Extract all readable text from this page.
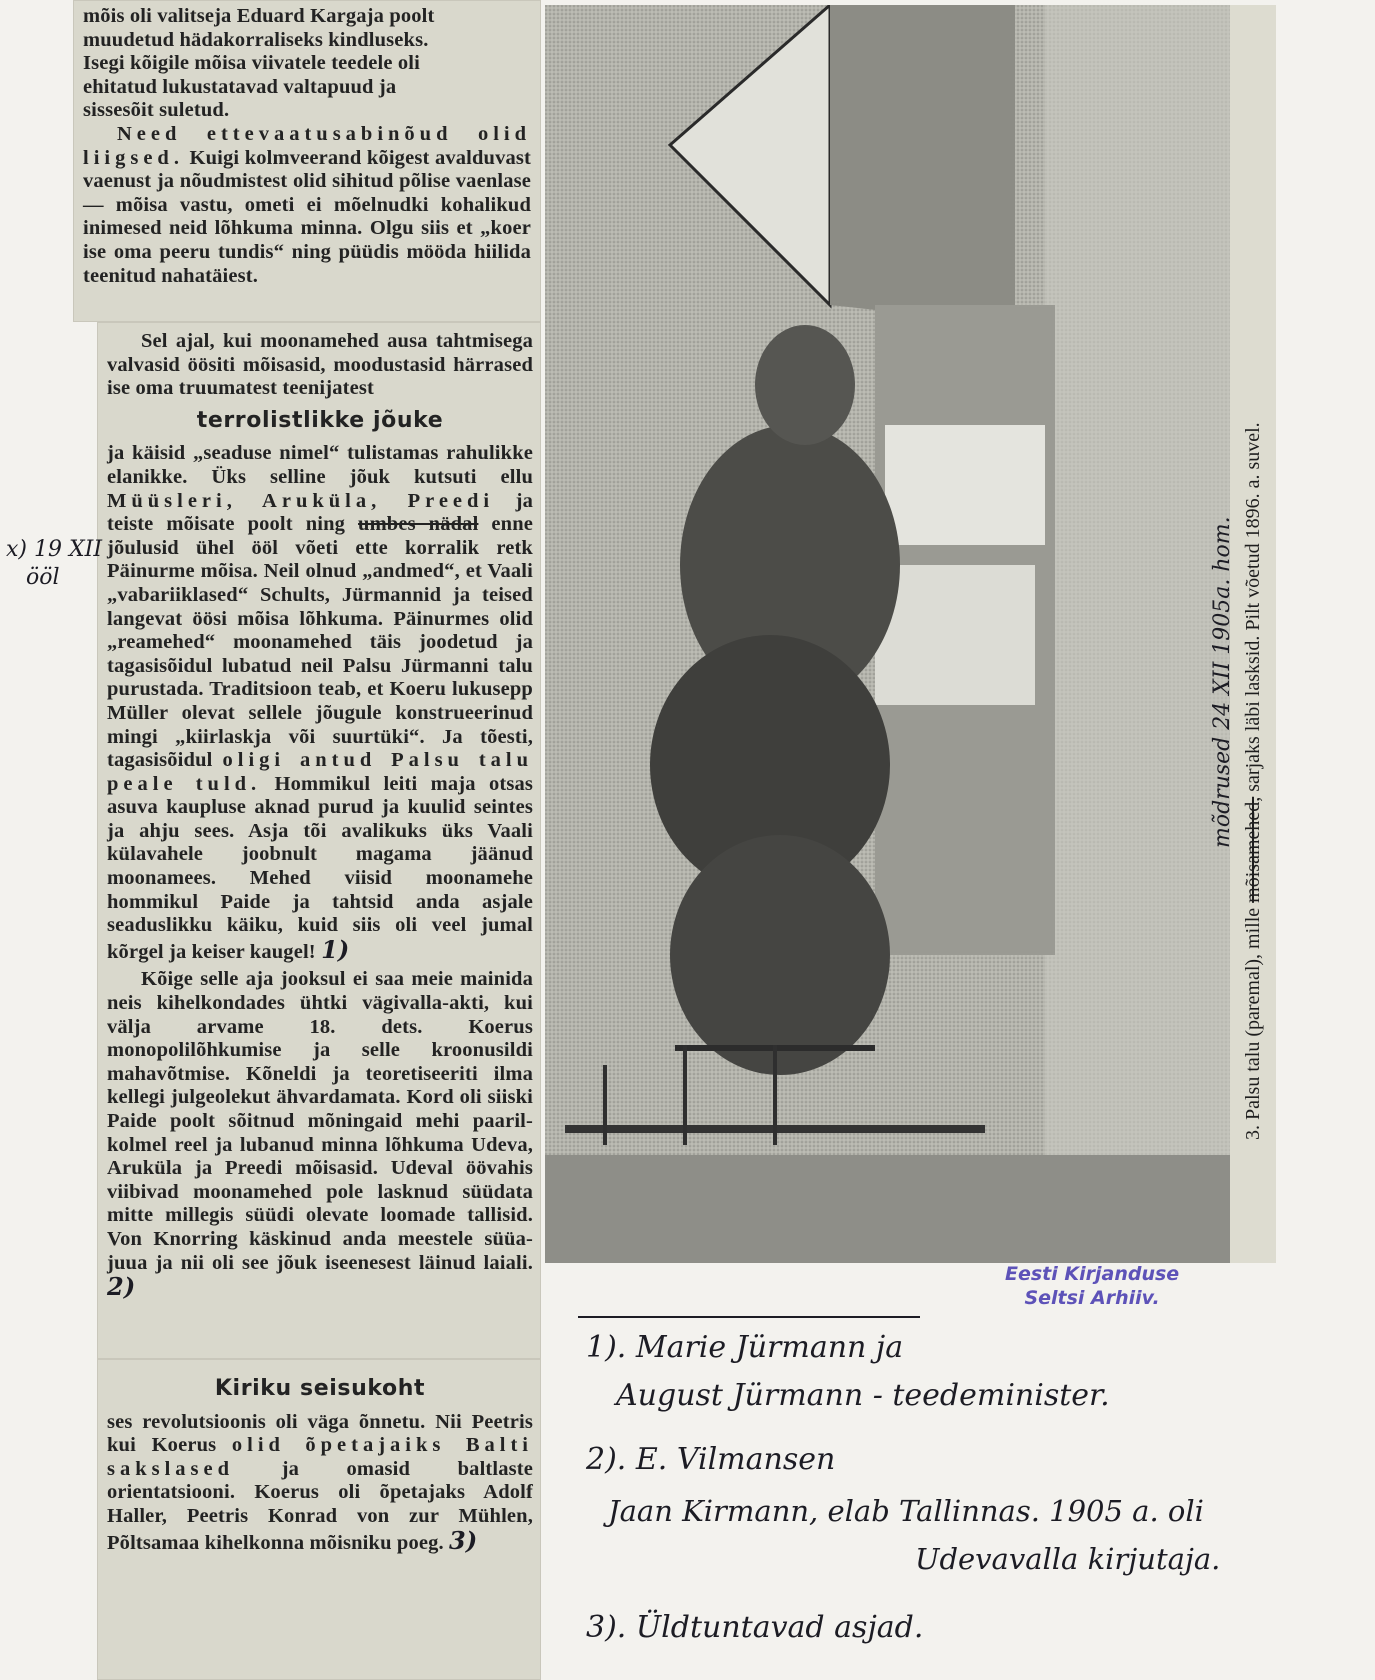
mõis oli valitseja Eduard Kargaja poolt

muudetud hädakorraliseks kindluseks.

Isegi kõigile mõisa viivatele teedele oli

ehitatud lukustatavad valtapuud ja

sissesõit suletud.

Need ettevaatusabinõud olid liigsed. Kuigi kolmveerand kõigest avalduvast vaenust ja nõudmistest olid sihitud põlise vaenlase — mõisa vastu, ometi ei mõelnudki kohalikud inimesed neid lõhkuma minna. Olgu siis et „koer ise oma peeru tundis“ ning püüdis mööda hiilida teenitud nahatäiest.

Sel ajal, kui moonamehed ausa tahtmisega valvasid öösiti mõisasid, moodustasid härrased ise oma truumatest teenijatest

terrolistlikke jõuke

ja käisid „seaduse nimel“ tulistamas rahulikke elanikke. Üks selline jõuk kutsuti ellu Müüsleri, Aruküla, Preedi ja teiste mõisate poolt ning umbes nädal enne jõulusid ühel ööl võeti ette korralik retk Päinurme mõisa. Neil olnud „andmed“, et Vaali „vabariiklased“ Schults, Jürmannid ja teised langevat öösi mõisa lõhkuma. Päinurmes olid „reamehed“ moonamehed täis joodetud ja tagasisõidul lubatud neil Palsu Jürmanni talu purustada. Traditsioon teab, et Koeru lukusepp Müller olevat sellele jõugule konstrueerinud mingi „kiirlaskja või suurtüki“. Ja tõesti, tagasisõidul oligi antud Palsu talu peale tuld. Hommikul leiti maja otsas asuva kaupluse aknad purud ja kuulid seintes ja ahju sees. Asja tõi avalikuks üks Vaali külavahele joobnult magama jäänud moonamees. Mehed viisid moonamehe hommikul Paide ja tahtsid anda asjale seaduslikku käiku, kuid siis oli veel jumal kõrgel ja keiser kaugel! 1)

Kõige selle aja jooksul ei saa meie mainida neis kihelkondades ühtki vägivalla-akti, kui välja arvame 18. dets. Koerus monopolilõhkumise ja selle kroonusildi mahavõtmise. Kõneldi ja teoretiseeriti ilma kellegi julgeolekut ähvardamata. Kord oli siiski Paide poolt sõitnud mõningaid mehi paaril-kolmel reel ja lubanud minna lõhkuma Udeva, Aruküla ja Preedi mõisasid. Udeval öövahis viibivad moonamehed pole lasknud süüdata mitte millegis süüdi olevate loomade tallisid. Von Knorring käskinud anda meestele süüa-juua ja nii oli see jõuk iseenesest läinud laiali. 2)

Kiriku seisukoht

ses revolutsioonis oli väga õnnetu. Nii Peetris kui Koerus olid õpetajaiks Balti sakslased ja omasid baltlaste orientatsiooni. Koerus oli õpetajaks Adolf Haller, Peetris Konrad von zur Mühlen, Põltsamaa kihelkonna mõisniku poeg. 3)

x) 19 XII
ööl
3. Palsu talu (paremal), mille mõisamehed, sarjaks läbi lasksid. Pilt võetud 1896. a. suvel.
mõdrused 24 XII 1905a. hom.
Eesti Kirjanduse
Seltsi Arhiiv.
1). Marie Jürmann ja
August Jürmann - teedeminister.
2). E. Vilmansen
Jaan Kirmann, elab Tallinnas. 1905 a. oli
Udevavalla kirjutaja.
3). Üldtuntavad asjad.
